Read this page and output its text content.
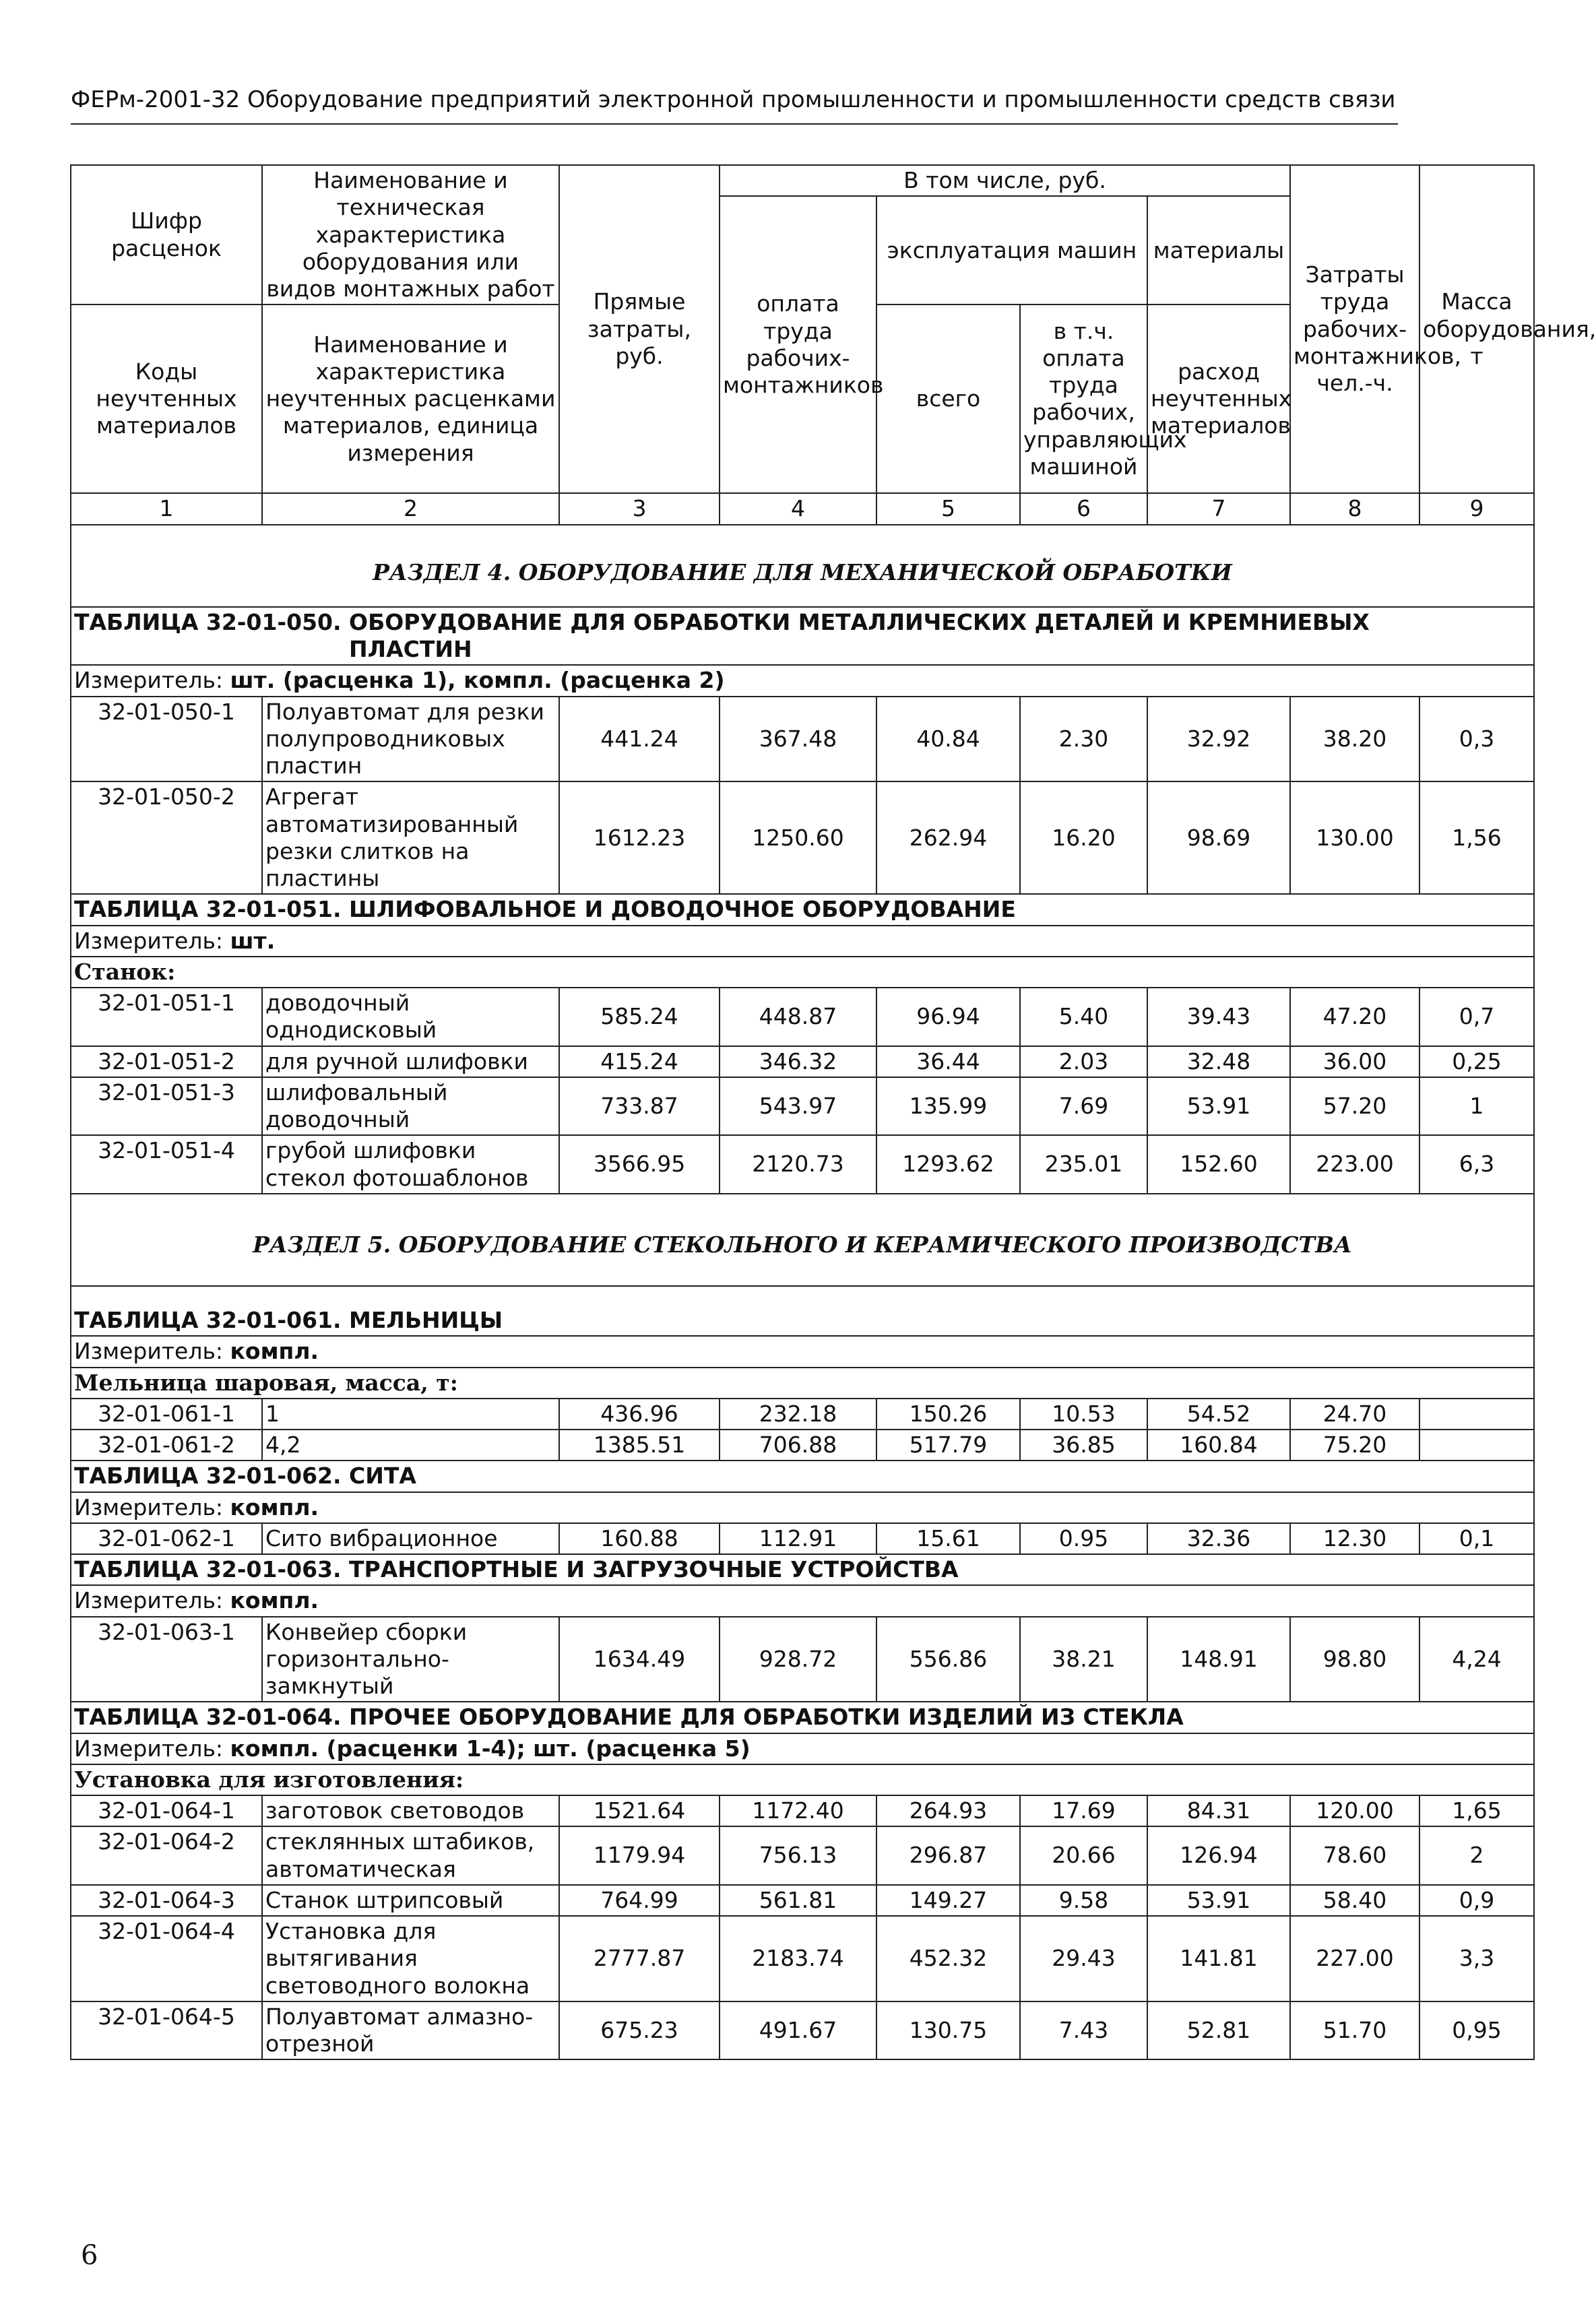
ФЕРм-2001-32 Оборудование предприятий электронной промышленности и промышленности средств связи
Шифр расценок	Наименование и техническая характеристика оборудования или видов монтажных работ	Прямые затраты, руб.	В том числе, руб.				Затраты труда рабочих-монтажников, чел.-ч.	Масса оборудования, т
			оплата труда рабочих-монтажников	эксплуатация машин		материалы		
Коды неучтенных материалов	Наименование и характеристика неучтенных расценками материалов, единица измерения			всего	в т.ч. оплата труда рабочих, управляющих машиной	расход неучтенных материалов		

1	2	3	4	5	6	7	8	9
РАЗДЕЛ 4. ОБОРУДОВАНИЕ ДЛЯ МЕХАНИЧЕСКОЙ ОБРАБОТКИ								
ТАБЛИЦА 32-01-050. ОБОРУДОВАНИЕ ДЛЯ ОБРАБОТКИ МЕТАЛЛИЧЕСКИХ ДЕТАЛЕЙ И КРЕМНИЕВЫХ ПЛАСТИН								
Измеритель: шт. (расценка 1), компл. (расценка 2)								
32-01-050-1	Полуавтомат для резки полупроводниковых пластин	441.24	367.48	40.84	2.30	32.92	38.20	0,3
32-01-050-2	Агрегат автоматизированный резки слитков на пластины	1612.23	1250.60	262.94	16.20	98.69	130.00	1,56
ТАБЛИЦА 32-01-051. ШЛИФОВАЛЬНОЕ И ДОВОДОЧНОЕ ОБОРУДОВАНИЕ								
Измеритель: шт.								
Станок:								
32-01-051-1	доводочный однодисковый	585.24	448.87	96.94	5.40	39.43	47.20	0,7
32-01-051-2	для ручной шлифовки	415.24	346.32	36.44	2.03	32.48	36.00	0,25
32-01-051-3	шлифовальный доводочный	733.87	543.97	135.99	7.69	53.91	57.20	1
32-01-051-4	грубой шлифовки стекол фотошаблонов	3566.95	2120.73	1293.62	235.01	152.60	223.00	6,3
РАЗДЕЛ 5. ОБОРУДОВАНИЕ СТЕКОЛЬНОГО И КЕРАМИЧЕСКОГО ПРОИЗВОДСТВА								
ТАБЛИЦА 32-01-061. МЕЛЬНИЦЫ								
Измеритель: компл.								
Мельница шаровая, масса, т:								
32-01-061-1	1	436.96	232.18	150.26	10.53	54.52	24.70	
32-01-061-2	4,2	1385.51	706.88	517.79	36.85	160.84	75.20	
ТАБЛИЦА 32-01-062. СИТА								
Измеритель: компл.								
32-01-062-1	Сито вибрационное	160.88	112.91	15.61	0.95	32.36	12.30	0,1
ТАБЛИЦА 32-01-063. ТРАНСПОРТНЫЕ И ЗАГРУЗОЧНЫЕ УСТРОЙСТВА								
Измеритель: компл.								
32-01-063-1	Конвейер сборки горизонтально-замкнутый	1634.49	928.72	556.86	38.21	148.91	98.80	4,24
ТАБЛИЦА 32-01-064. ПРОЧЕЕ ОБОРУДОВАНИЕ ДЛЯ ОБРАБОТКИ ИЗДЕЛИЙ ИЗ СТЕКЛА								
Измеритель: компл. (расценки 1-4); шт. (расценка 5)								
Установка для изготовления:								
32-01-064-1	заготовок световодов	1521.64	1172.40	264.93	17.69	84.31	120.00	1,65
32-01-064-2	стеклянных штабиков, автоматическая	1179.94	756.13	296.87	20.66	126.94	78.60	2
32-01-064-3	Станок штрипсовый	764.99	561.81	149.27	9.58	53.91	58.40	0,9
32-01-064-4	Установка для вытягивания световодного волокна	2777.87	2183.74	452.32	29.43	141.81	227.00	3,3
32-01-064-5	Полуавтомат алмазно-отрезной	675.23	491.67	130.75	7.43	52.81	51.70	0,95
6
